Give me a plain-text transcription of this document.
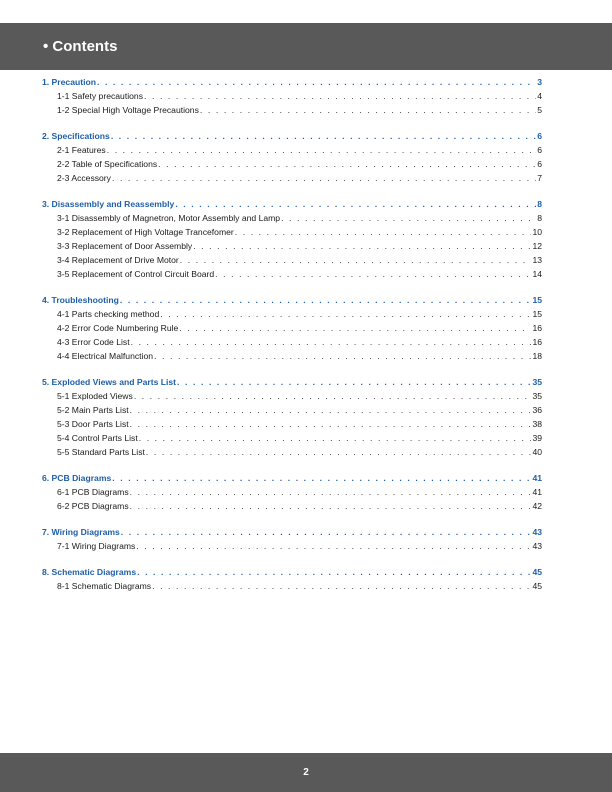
• Contents
1. Precaution . . .	3
1-1 Safety precautions . . .	4
1-2 Special High Voltage Precautions . . .	5
2. Specifications . . .	6
2-1 Features . . .	6
2-2 Table of Specifications . . .	6
2-3 Accessory . . .	7
3. Disassembly and Reassembly . . .	8
3-1 Disassembly of Magnetron, Motor Assembly and Lamp . . .	8
3-2 Replacement of High Voltage Trancefomer . . .	10
3-3 Replacement of Door Assembly . . .	12
3-4 Replacement of Drive Motor . . .	13
3-5 Replacement of Control Circuit Board . . .	14
4. Troubleshooting . . .	15
4-1 Parts checking method . . .	15
4-2 Error Code Numbering Rule . . .	16
4-3 Error Code List . . .	16
4-4 Electrical Malfunction . . .	18
5. Exploded Views and Parts List . . .	35
5-1 Exploded Views . . .	35
5-2 Main Parts List . . .	36
5-3 Door Parts List . . .	38
5-4 Control Parts List . . .	39
5-5 Standard Parts List . . .	40
6. PCB Diagrams . . .	41
6-1 PCB Diagrams . . .	41
6-2 PCB Diagrams . . .	42
7. Wiring Diagrams . . .	43
7-1 Wiring Diagrams . . .	43
8. Schematic Diagrams . . .	45
8-1 Schematic Diagrams . . .	45
2
